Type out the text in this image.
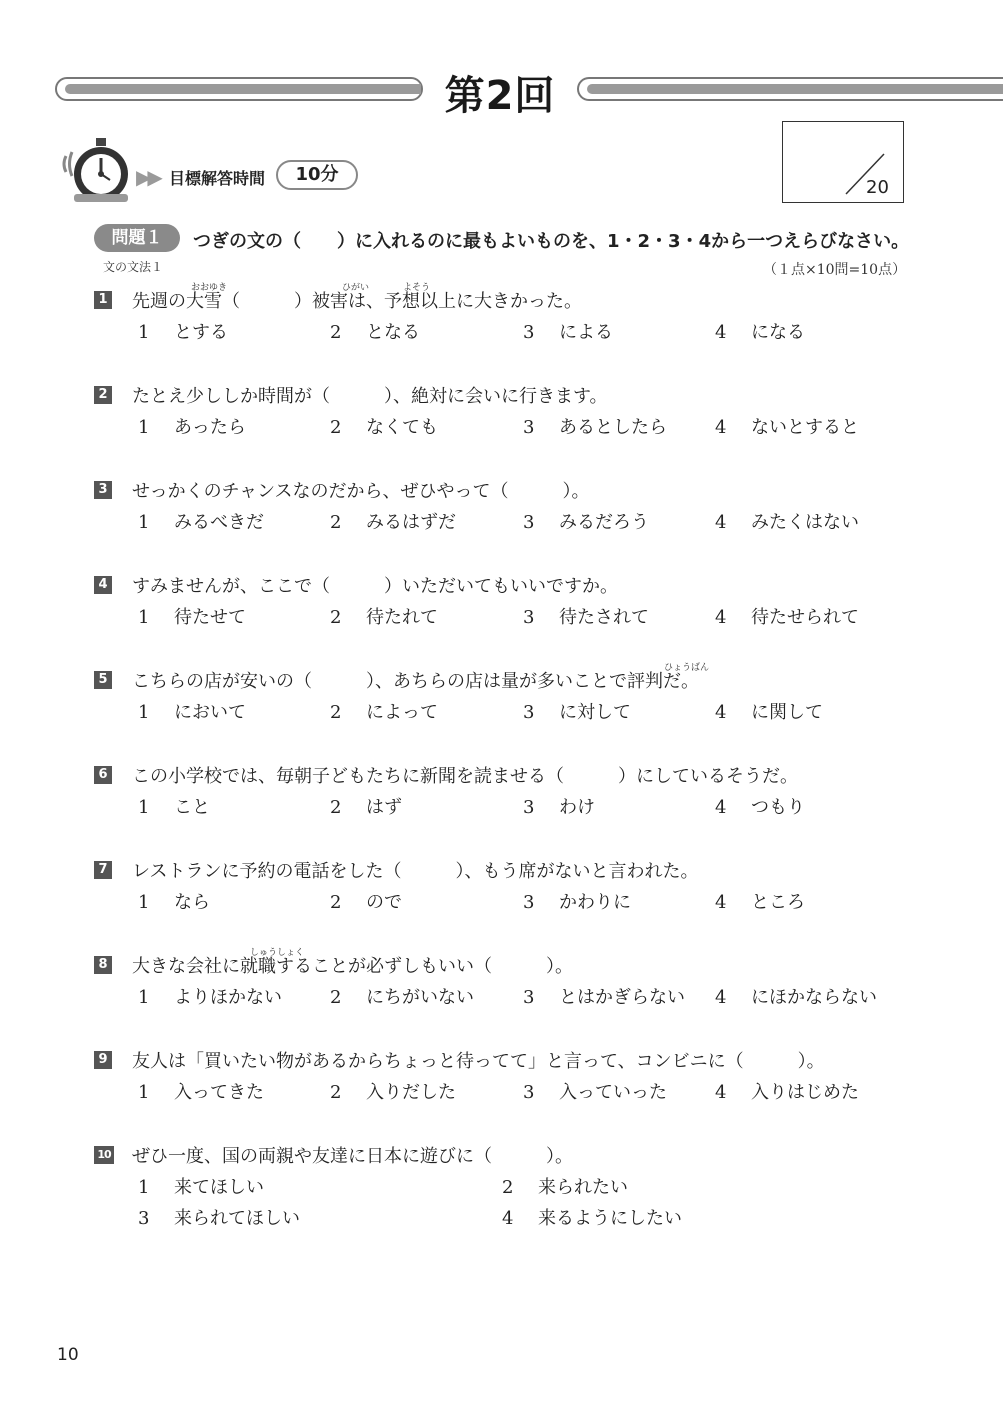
第2回
▶▶ 目標解答時間	10分
20
問題１	つぎの文の（　　）に入れるのに最もよいものを、1・2・3・4から一つえらびなさい。
文の文法１	（１点×10問=10点）
1 先週の大雪（　　　）被害は、予想以上に大きかった。
1 とする	2 となる	3 による	4 になる
2 たとえ少ししか時間が（　　　）、絶対に会いに行きます。
1 あったら	2 なくても	3 あるとしたら	4 ないとすると
3 せっかくのチャンスなのだから、ぜひやって（　　　）。
1 みるべきだ	2 みるはずだ	3 みるだろう	4 みたくはない
4 すみませんが、ここで（　　　）いただいてもいいですか。
1 待たせて	2 待たれて	3 待たされて	4 待たせられて
5 こちらの店が安いの（　　　）、あちらの店は量が多いことで評判だ。
1 において	2 によって	3 に対して	4 に関して
6 この小学校では、毎朝子どもたちに新聞を読ませる（　　　）にしているそうだ。
1 こと	2 はず	3 わけ	4 つもり
7 レストランに予約の電話をした（　　　）、もう席がないと言われた。
1 なら	2 ので	3 かわりに	4 ところ
8 大きな会社に就職することが必ずしもいい（　　　）。
1 よりほかない	2 にちがいない	3 とはかぎらない 4 にほかならない
9 友人は「買いたい物があるからちょっと待ってて」と言って、コンビニに（　　　）。
1 入ってきた	2 入りだした	3 入っていった	4 入りはじめた
10 ぜひ一度、国の両親や友達に日本に遊びに（　　　）。
1 来てほしい	2 来られたい
3 来られてほしい	4 来るようにしたい
おおゆき	ひがい	よそう
ひょうばん
しゅうしょく
10
